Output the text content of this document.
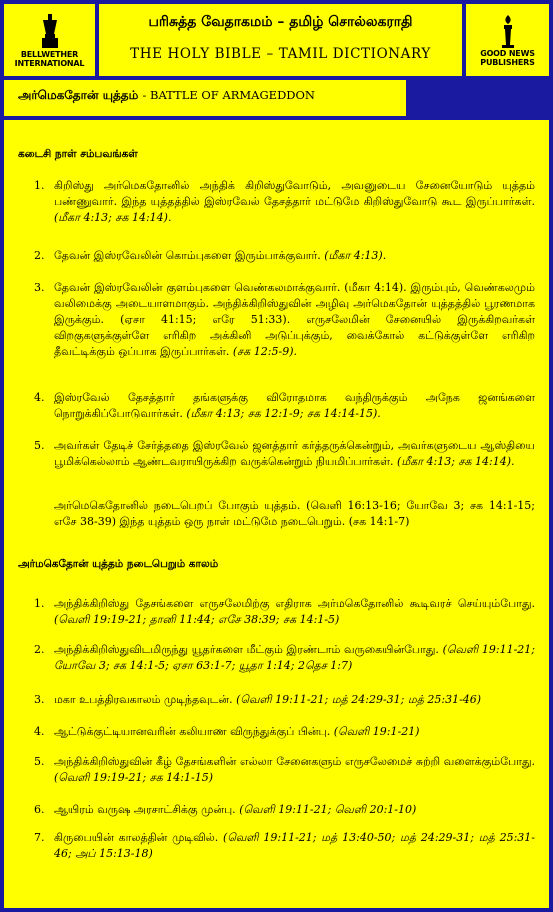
BELLWETHER INTERNATIONAL
பரிசுத்த வேதாகமம் – தமிழ் சொல்லகராதி
THE HOLY BIBLE – TAMIL DICTIONARY	GOOD NEWS PUBLISHERS
அர்மெகதோன் யுத்தம் - BATTLE OF ARMAGEDDON
கடைசி நாள் சம்பவங்கள்
1. கிறிஸ்து அர்மெகதோனில் அந்திக் கிறிஸ்துவோடும், அவனுடைய சேனையோடும் யுத்தம் பண்ணுவார். இந்த யுத்தத்தில் இஸ்ரவேல் தேசத்தார் மட்டுமே கிறிஸ்துவோடு கூட இருப்பார்கள். (மீகா 4:13; சக 14:14).
2. தேவன் இஸ்ரவேலின் கொம்புகளை இரும்பாக்குவார். (மீகா 4:13).
3. தேவன் இஸ்ரவேலின் குளம்புகளை வெண்கலமாக்குவார். (மீகா 4:14). இரும்பும், வெண்கலமும் வலிமைக்கு அடையாளமாகும். அந்திக்கிறிஸ்துவின் அழிவு அர்மெகதோன் யுத்தத்தில் பூரணமாக இருக்கும். (ஏசா 41:15; எரே 51:33). எருசலேமின் சேனையில் இருக்கிறவர்கள் விறகுகளுக்குள்ளே எரிகிற அக்கினி அடுப்புக்கும், வைக்கோல் கட்டுக்குள்ளே எரிகிற தீவட்டிக்கும் ஒப்பாக இருப்பார்கள். (சக 12:5-9).
4. இஸ்ரவேல் தேசத்தார் தங்களுக்கு விரோதமாக வந்திருக்கும் அநேக ஜனங்களை நொறுக்கிப்போடுவார்கள். (மீகா 4:13; சக 12:1-9; சக 14:14-15).
5. அவர்கள் தேடிச் சேர்த்ததை இஸ்ரவேல் ஜனத்தார் கர்த்தருக்கென்றும், அவர்களுடைய ஆஸ்தியை பூமிக்கெல்லாம் ஆண்டவராயிருக்கிற வருக்கென்றும் நியமிப்பார்கள். (மீகா 4:13; சக 14:14).
அர்மெகெதோனில் நடைபெறப் போகும் யுத்தம். (வெளி 16:13-16; யோவே 3; சக 14:1-15; எசே 38-39) இந்த யுத்தம் ஒரு நாள் மட்டுமே நடைபெறும். (சக 14:1-7)
அர்மகெதோன் யுத்தம் நடைபெறும் காலம்
1. அந்திக்கிறிஸ்து தேசங்களை எருசலேமிற்கு எதிராக அர்மகெதோனில் கூடிவரச் செய்யும்போது. (வெளி 19:19-21; தானி 11:44; எசே 38:39; சக 14:1-5)
2. அந்திக்கிறிஸ்துவிடமிருந்து யூதர்களை மீட்கும் இரண்டாம் வருகையின்போது. (வெளி 19:11-21; யோவே 3; சக 14:1-5; ஏசா 63:1-7; யூதா 1:14; 2தெச 1:7)
3. மகா உபத்திரவகாலம் முடிந்தவுடன். (வெளி 19:11-21; மத் 24:29-31; மத் 25:31-46)
4. ஆட்டுக்குட்டியானவரின் கலியாண விருந்துக்குப் பின்பு. (வெளி 19:1-21)
5. அந்திக்கிறிஸ்துவின் கீழ் தேசங்களின் எல்லா சேனைகளும் எருசலேமைச் சுற்றி வளைக்கும்போது. (வெளி 19:19-21; சக 14:1-15)
6. ஆயிரம் வருஷ அரசாட்சிக்கு முன்பு. (வெளி 19:11-21; வெளி 20:1-10)
7. கிருபையின் காலத்தின் முடிவில். (வெளி 19:11-21; மத் 13:40-50; மத் 24:29-31; மத் 25:31-46; அப் 15:13-18)
